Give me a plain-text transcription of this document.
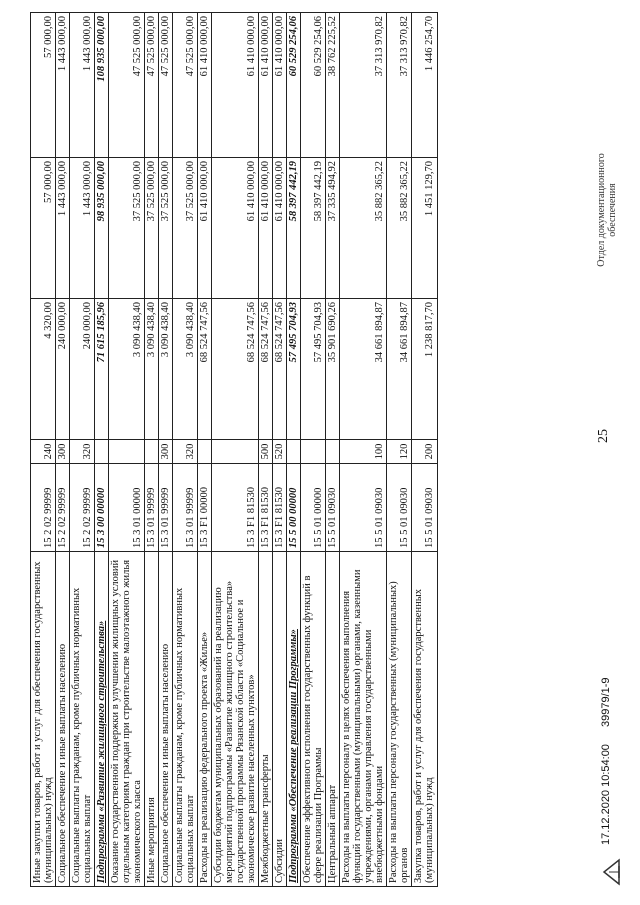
25
Иные закупки товаров, работ и услуг для обеспечения государственных (муниципальных) нужд	15 2 02 99999	240	4 320,00	57 000,00	57 000,00
Социальное обеспечение и иные выплаты населению	15 2 02 99999	300	240 000,00	1 443 000,00	1 443 000,00
Социальные выплаты гражданам, кроме публичных нормативных социальных выплат	15 2 02 99999	320	240 000,00	1 443 000,00	1 443 000,00
Подпрограмма «Развитие жилищного строительства»	15 3 00 00000		71 615 185,96	98 935 000,00	108 935 000,00
Оказание государственной поддержки в улучшении жилищных условий отдельным категориям граждан при строительстве малоэтажного жилья экономического класса	15 3 01 00000		3 090 438,40	37 525 000,00	47 525 000,00
Иные мероприятия	15 3 01 99999		3 090 438,40	37 525 000,00	47 525 000,00
Социальное обеспечение и иные выплаты населению	15 3 01 99999	300	3 090 438,40	37 525 000,00	47 525 000,00
Социальные выплаты гражданам, кроме публичных нормативных социальных выплат	15 3 01 99999	320	3 090 438,40	37 525 000,00	47 525 000,00
Расходы на реализацию федерального проекта «Жилье»	15 3 F1 00000		68 524 747,56	61 410 000,00	61 410 000,00
Субсидии бюджетам муниципальных образований на реализацию мероприятий подпрограммы «Развитие жилищного строительства» государственной программы Рязанской области «Социальное и экономическое развитие населенных пунктов»	15 3 F1 81530		68 524 747,56	61 410 000,00	61 410 000,00
Межбюджетные трансферты	15 3 F1 81530	500	68 524 747,56	61 410 000,00	61 410 000,00
Субсидии	15 3 F1 81530	520	68 524 747,56	61 410 000,00	61 410 000,00
Подпрограмма «Обеспечение реализации Программы»	15 5 00 00000		57 495 704,93	58 397 442,19	60 529 254,06
Обеспечение эффективного исполнения государственных функций в сфере реализации Программы	15 5 01 00000		57 495 704,93	58 397 442,19	60 529 254,06
Центральный аппарат	15 5 01 09030		35 901 690,26	37 335 494,92	38 762 225,52
Расходы на выплаты персоналу в целях обеспечения выполнения функций государственными (муниципальными) органами, казенными учреждениями, органами управления государственными внебюджетными фондами	15 5 01 09030	100	34 661 894,87	35 882 365,22	37 313 970,82
Расходы на выплаты персоналу государственных (муниципальных) органов	15 5 01 09030	120	34 661 894,87	35 882 365,22	37 313 970,82
Закупка товаров, работ и услуг для обеспечения государственных (муниципальных) нужд	15 5 01 09030	200	1 238 817,70	1 451 129,70	1 446 254,70
17.12.2020 10:54:00 39979/1-9
Отдел документационного обеспечения
